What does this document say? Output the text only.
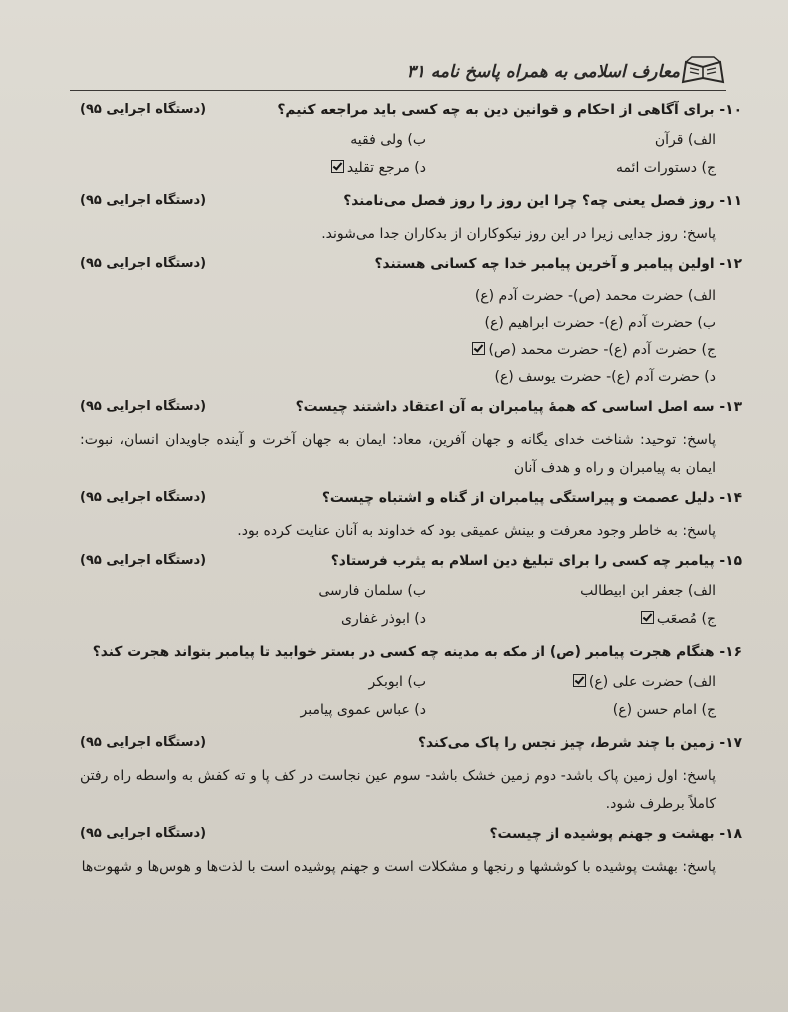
معارف اسلامی به همراه پاسخ نامه ۳۱
۱۰- برای آگاهی از احکام و قوانین دین به چه کسی باید مراجعه کنیم؟
(دستگاه اجرایی ۹۵)
الف) قرآن
ب) ولی فقیه
ج) دستورات ائمه
د) مرجع تقلید
۱۱- روز فصل یعنی چه؟ چرا این روز را روز فصل می‌نامند؟
(دستگاه اجرایی ۹۵)
پاسخ: روز جدایی زیرا در این روز نیکوکاران از بدکاران جدا می‌شوند.
۱۲- اولین پیامبر و آخرین پیامبر خدا چه کسانی هستند؟
(دستگاه اجرایی ۹۵)
الف) حضرت محمد (ص)- حضرت آدم (ع)
ب) حضرت آدم (ع)- حضرت ابراهیم (ع)
ج) حضرت آدم (ع)- حضرت محمد (ص)
د) حضرت آدم (ع)- حضرت یوسف (ع)
۱۳- سه اصل اساسی که همهٔ پیامبران به آن اعتقاد داشتند چیست؟
(دستگاه اجرایی ۹۵)
پاسخ: توحید: شناخت خدای یگانه و جهان آفرین، معاد: ایمان به جهان آخرت و آینده جاویدان انسان، نبوت: ایمان به پیامبران و راه و هدف آنان
۱۴- دلیل عصمت و پیراستگی پیامبران از گناه و اشتباه چیست؟
(دستگاه اجرایی ۹۵)
پاسخ: به خاطر وجود معرفت و بینش عمیقی بود که خداوند به آنان عنایت کرده بود.
۱۵- پیامبر چه کسی را برای تبلیغ دین اسلام به یثرب فرستاد؟
(دستگاه اجرایی ۹۵)
الف) جعفر ابن ابیطالب
ب) سلمان فارسی
ج) مُصعَب
د) ابوذر غفاری
۱۶- هنگام هجرت پیامبر (ص) از مکه به مدینه چه کسی در بستر خوابید تا پیامبر بتواند هجرت کند؟
الف) حضرت علی (ع)
ب) ابوبکر
ج) امام حسن (ع)
د) عباس عموی پیامبر
۱۷- زمین با چند شرط، چیز نجس را پاک می‌کند؟
(دستگاه اجرایی ۹۵)
پاسخ: اول زمین پاک باشد- دوم زمین خشک باشد- سوم عین نجاست در کف پا و ته کفش به واسطه راه رفتن کاملاً برطرف شود.
۱۸- بهشت و جهنم پوشیده از چیست؟
(دستگاه اجرایی ۹۵)
پاسخ: بهشت پوشیده با کوششها و رنجها و مشکلات است و جهنم پوشیده است با لذت‌ها و هوس‌ها و شهوت‌ها
